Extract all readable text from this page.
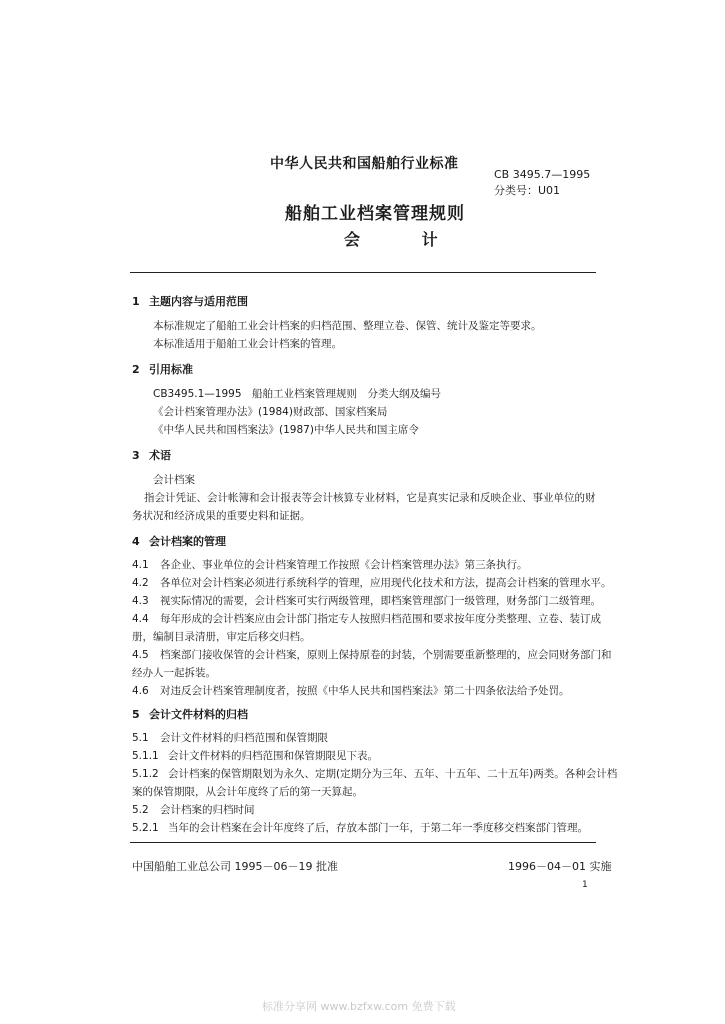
中华人民共和国船舶行业标准
CB 3495.7—1995
分类号：U01
船舶工业档案管理规则
会 计
1 主题内容与适用范围
本标准规定了船舶工业会计档案的归档范围、整理立卷、保管、统计及鉴定等要求。
本标准适用于船舶工业会计档案的管理。
2 引用标准
CB3495.1—1995　船舶工业档案管理规则　分类大纲及编号
《会计档案管理办法》(1984)财政部、国家档案局
《中华人民共和国档案法》(1987)中华人民共和国主席令
3 术语
会计档案
指会计凭证、会计帐簿和会计报表等会计核算专业材料，它是真实记录和反映企业、事业单位的财
务状况和经济成果的重要史料和证据。
4 会计档案的管理
4.1 各企业、事业单位的会计档案管理工作按照《会计档案管理办法》第三条执行。
4.2 各单位对会计档案必须进行系统科学的管理，应用现代化技术和方法，提高会计档案的管理水平。
4.3 视实际情况的需要，会计档案可实行两级管理，即档案管理部门一级管理，财务部门二级管理。
4.4 每年形成的会计档案应由会计部门指定专人按照归档范围和要求按年度分类整理、立卷、装订成
册，编制目录清册，审定后移交归档。
4.5 档案部门接收保管的会计档案，原则上保持原卷的封装，个别需要重新整理的，应会同财务部门和
经办人一起拆装。
4.6 对违反会计档案管理制度者，按照《中华人民共和国档案法》第二十四条依法给予处罚。
5 会计文件材料的归档
5.1 会计文件材料的归档范围和保管期限
5.1.1 会计文件材料的归档范围和保管期限见下表。
5.1.2 会计档案的保管期限划为永久、定期(定期分为三年、五年、十五年、二十五年)两类。各种会计档
案的保管期限，从会计年度终了后的第一天算起。
5.2 会计档案的归档时间
5.2.1 当年的会计档案在会计年度终了后，存放本部门一年，于第二年一季度移交档案部门管理。
中国船舶工业总公司 1995－06－19 批准	1996－04－01 实施
1
标准分享网 www.bzfxw.com 免费下载
